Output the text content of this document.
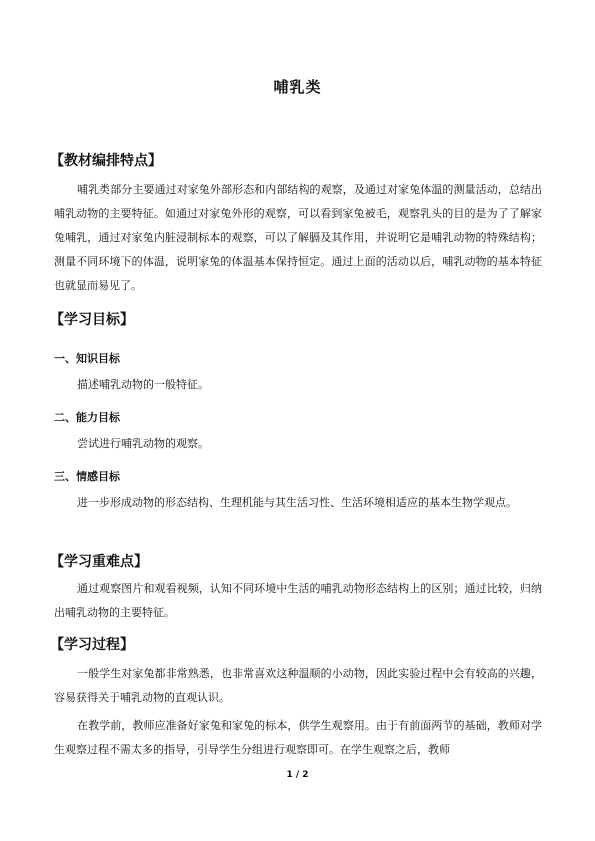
哺乳类
【教材编排特点】

哺乳类部分主要通过对家兔外部形态和内部结构的观察，及通过对家兔体温的测量活动，总结出哺乳动物的主要特征。如通过对家兔外形的观察，可以看到家兔被毛，观察乳头的目的是为了了解家兔哺乳，通过对家兔内脏浸制标本的观察，可以了解膈及其作用，并说明它是哺乳动物的特殊结构；测量不同环境下的体温，说明家兔的体温基本保持恒定。通过上面的活动以后，哺乳动物的基本特征也就显而易见了。

【学习目标】
一、知识目标

描述哺乳动物的一般特征。

二、能力目标

尝试进行哺乳动物的观察。

三、情感目标

进一步形成动物的形态结构、生理机能与其生活习性、生活环境相适应的基本生物学观点。

【学习重难点】

通过观察图片和观看视频，认知不同环境中生活的哺乳动物形态结构上的区别；通过比较，归纳出哺乳动物的主要特征。

【学习过程】

一般学生对家兔都非常熟悉，也非常喜欢这种温顺的小动物，因此实验过程中会有较高的兴趣，容易获得关于哺乳动物的直观认识。

在教学前，教师应准备好家兔和家兔的标本，供学生观察用。由于有前面两节的基础，教师对学生观察过程不需太多的指导，引导学生分组进行观察即可。在学生观察之后，教师

1 / 2
